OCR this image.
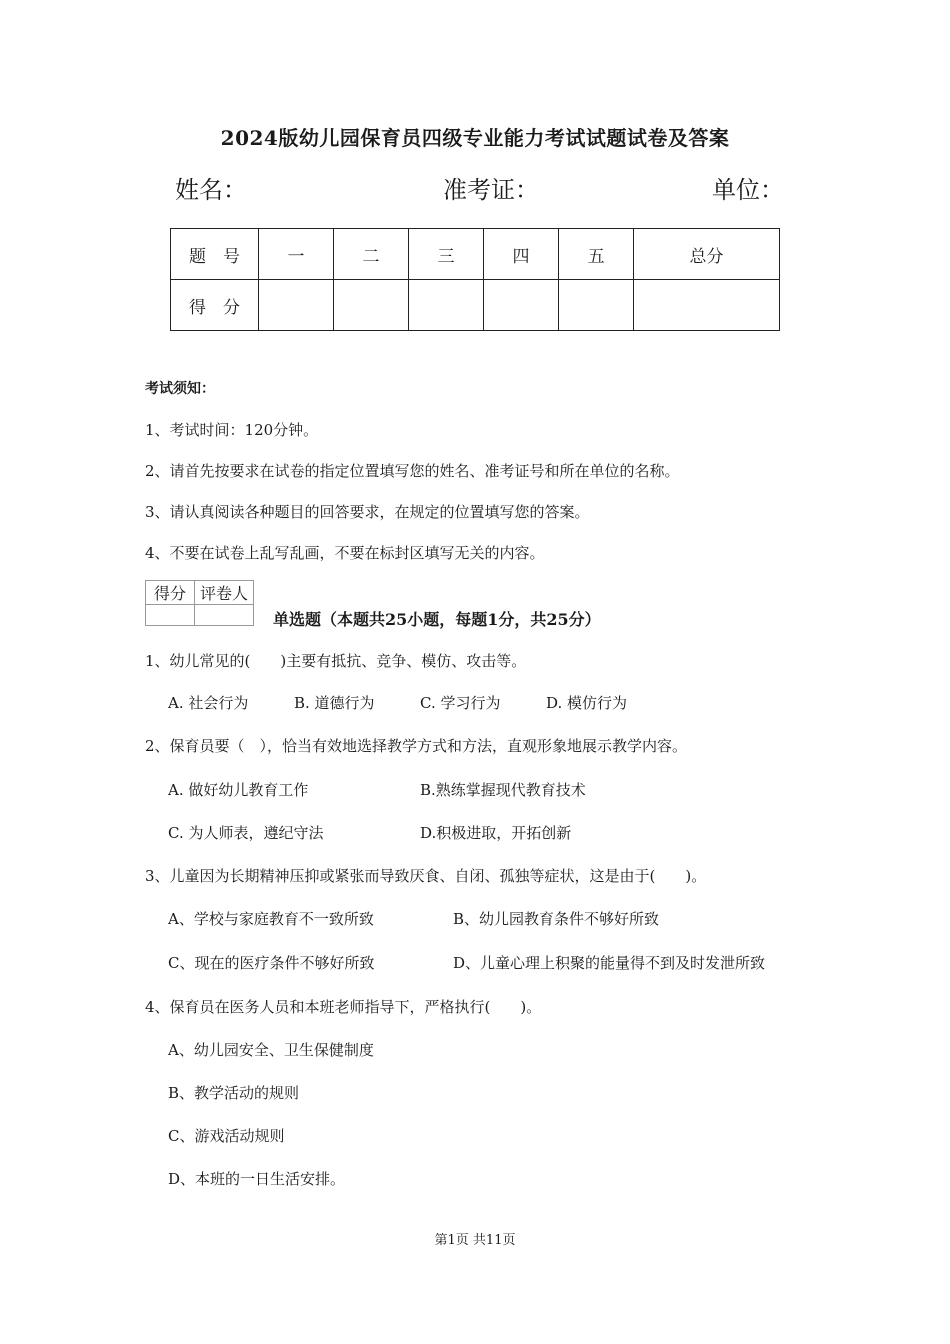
2024版幼儿园保育员四级专业能力考试试题试卷及答案
姓名：	准考证：	单位：
题　号	一	二	三	四	五	总分
得　分						
考试须知：
1、考试时间：120分钟。
2、请首先按要求在试卷的指定位置填写您的姓名、准考证号和所在单位的名称。
3、请认真阅读各种题目的回答要求，在规定的位置填写您的答案。
4、不要在试卷上乱写乱画，不要在标封区填写无关的内容。
得分	评卷人

单选题（本题共25小题，每题1分，共25分）
1、幼儿常见的(　　)主要有抵抗、竞争、模仿、攻击等。
A. 社会行为	B. 道德行为	C. 学习行为	D. 模仿行为
2、保育员要（　），恰当有效地选择教学方式和方法，直观形象地展示教学内容。
A. 做好幼儿教育工作	B.熟练掌握现代教育技术
C. 为人师表，遵纪守法	D.积极进取，开拓创新
3、儿童因为长期精神压抑或紧张而导致厌食、自闭、孤独等症状，这是由于(　　)。
A、学校与家庭教育不一致所致	B、幼儿园教育条件不够好所致
C、现在的医疗条件不够好所致	D、儿童心理上积聚的能量得不到及时发泄所致
4、保育员在医务人员和本班老师指导下，严格执行(　　)。
A、幼儿园安全、卫生保健制度
B、教学活动的规则
C、游戏活动规则
D、本班的一日生活安排。
第1页 共11页
